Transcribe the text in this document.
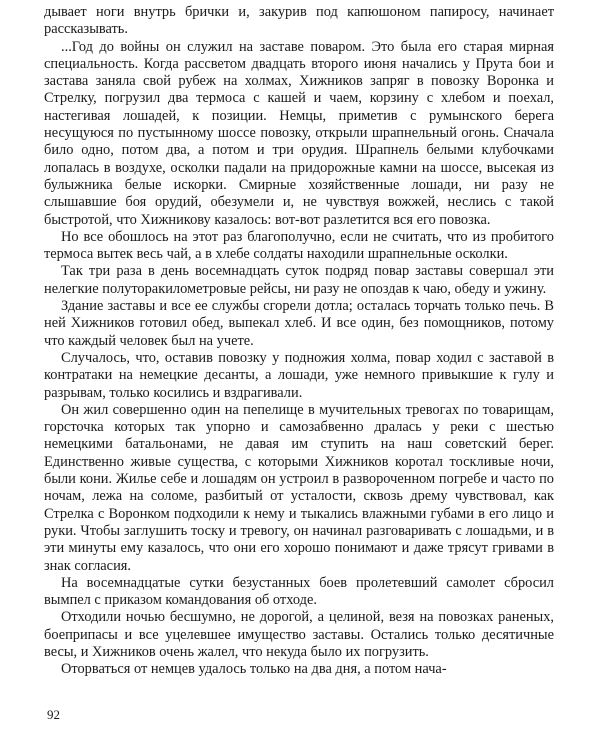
дывает ноги внутрь брички и, закурив под капюшоном папиросу, начинает рассказывать.

...Год до войны он служил на заставе поваром. Это была его старая мирная специальность. Когда рассветом двадцать второго июня начались у Прута бои и застава заняла свой рубеж на холмах, Хижников запряг в повозку Воронка и Стрелку, погрузил два термоса с кашей и чаем, корзину с хлебом и поехал, настегивая лошадей, к позиции. Немцы, приметив с румынского берега несущуюся по пустынному шоссе повозку, открыли шрапнельный огонь. Сначала било одно, потом два, а потом и три орудия. Шрапнель белыми клубочками лопалась в воздухе, осколки падали на придорожные камни на шоссе, высекая из булыжника белые искорки. Смирные хозяйственные лошади, ни разу не слышавшие боя орудий, обезумели и, не чувствуя вожжей, неслись с такой быстротой, что Хижникову казалось: вот-вот разлетится вся его повозка.

Но все обошлось на этот раз благополучно, если не считать, что из пробитого термоса вытек весь чай, а в хлебе солдаты находили шрапнельные осколки.

Так три раза в день восемнадцать суток подряд повар заставы совершал эти нелегкие полуторакилометровые рейсы, ни разу не опоздав к чаю, обеду и ужину.

Здание заставы и все ее службы сгорели дотла; осталась торчать только печь. В ней Хижников готовил обед, выпекал хлеб. И все один, без помощников, потому что каждый человек был на учете.

Случалось, что, оставив повозку у подножия холма, повар ходил с заставой в контратаки на немецкие десанты, а лошади, уже немного привыкшие к гулу и разрывам, только косились и вздрагивали.

Он жил совершенно один на пепелище в мучительных тревогах по товарищам, горсточка которых так упорно и самозабвенно дралась у реки с шестью немецкими батальонами, не давая им ступить на наш советский берег. Единственно живые существа, с которыми Хижников коротал тоскливые ночи, были кони. Жилье себе и лошадям он устроил в развороченном погребе и часто по ночам, лежа на соломе, разбитый от усталости, сквозь дрему чувствовал, как Стрелка с Воронком подходили к нему и тыкались влажными губами в его лицо и руки. Чтобы заглушить тоску и тревогу, он начинал разговаривать с лошадьми, и в эти минуты ему казалось, что они его хорошо понимают и даже трясут гривами в знак согласия.

На восемнадцатые сутки безустанных боев пролетевший самолет сбросил вымпел с приказом командования об отходе.

Отходили ночью бесшумно, не дорогой, а целиной, везя на повозках раненых, боеприпасы и все уцелевшее имущество заставы. Остались только десятичные весы, и Хижников очень жалел, что некуда было их погрузить.

Оторваться от немцев удалось только на два дня, а потом нача-

92
